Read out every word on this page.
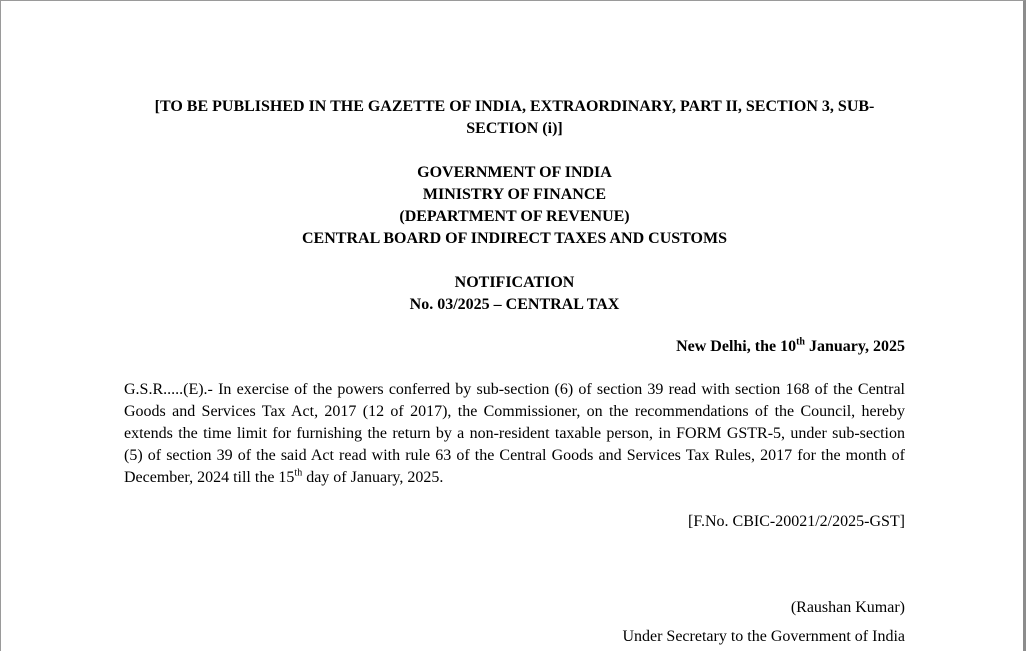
[TO BE PUBLISHED IN THE GAZETTE OF INDIA, EXTRAORDINARY, PART II, SECTION 3, SUB-SECTION (i)]
GOVERNMENT OF INDIA
MINISTRY OF FINANCE
(DEPARTMENT OF REVENUE)
CENTRAL BOARD OF INDIRECT TAXES AND CUSTOMS
NOTIFICATION
No. 03/2025 – CENTRAL TAX
New Delhi, the 10th January, 2025
G.S.R.....(E).- In exercise of the powers conferred by sub-section (6) of section 39 read with section 168 of the Central Goods and Services Tax Act, 2017 (12 of 2017), the Commissioner, on the recommendations of the Council, hereby extends the time limit for furnishing the return by a non-resident taxable person, in FORM GSTR-5, under sub-section (5) of section 39 of the said Act read with rule 63 of the Central Goods and Services Tax Rules, 2017 for the month of December, 2024 till the 15th day of January, 2025.
[F.No. CBIC-20021/2/2025-GST]
(Raushan Kumar)
Under Secretary to the Government of India
